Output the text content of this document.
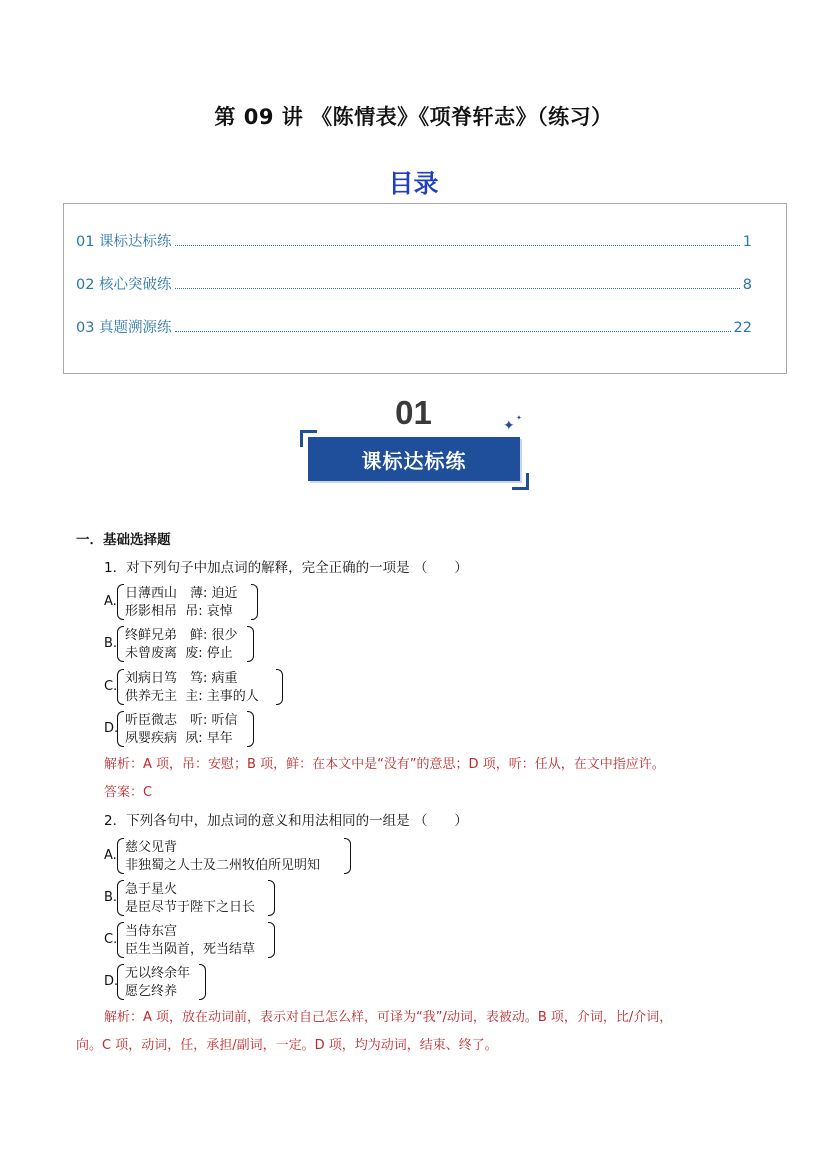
第 09 讲 《陈情表》《项脊轩志》（练习）
目录
01 课标达标练	1
02 核心突破练	8
03 真题溯源练	22
01	✦ ✦
课标达标练
一．基础选择题
1．对下列句子中加点词的解释，完全正确的一项是 （　　）
A.
日薄西山　薄: 迫近
形影相吊  吊: 哀悼
B.
终鲜兄弟　鲜: 很少
未曾废离  废: 停止
C.
刘病日笃　笃: 病重
供养无主  主: 主事的人
D.
听臣微志　听: 听信
夙婴疾病  夙: 早年
解析：A 项，吊：安慰；B 项，鲜：在本文中是“没有”的意思；D 项，听：任从，在文中指应许。
答案：C
2．下列各句中，加点词的意义和用法相同的一组是 （　　）
A.
慈父见背
非独蜀之人士及二州牧伯所见明知
B.
急于星火
是臣尽节于陛下之日长
C.
当侍东宫
臣生当陨首，死当结草
D.
无以终余年
愿乞终养
解析：A 项，放在动词前，表示对自己怎么样，可译为“我”/动词，表被动。B 项，介词，比/介词，
向。C 项，动词，任，承担/副词，一定。D 项，均为动词，结束、终了。
